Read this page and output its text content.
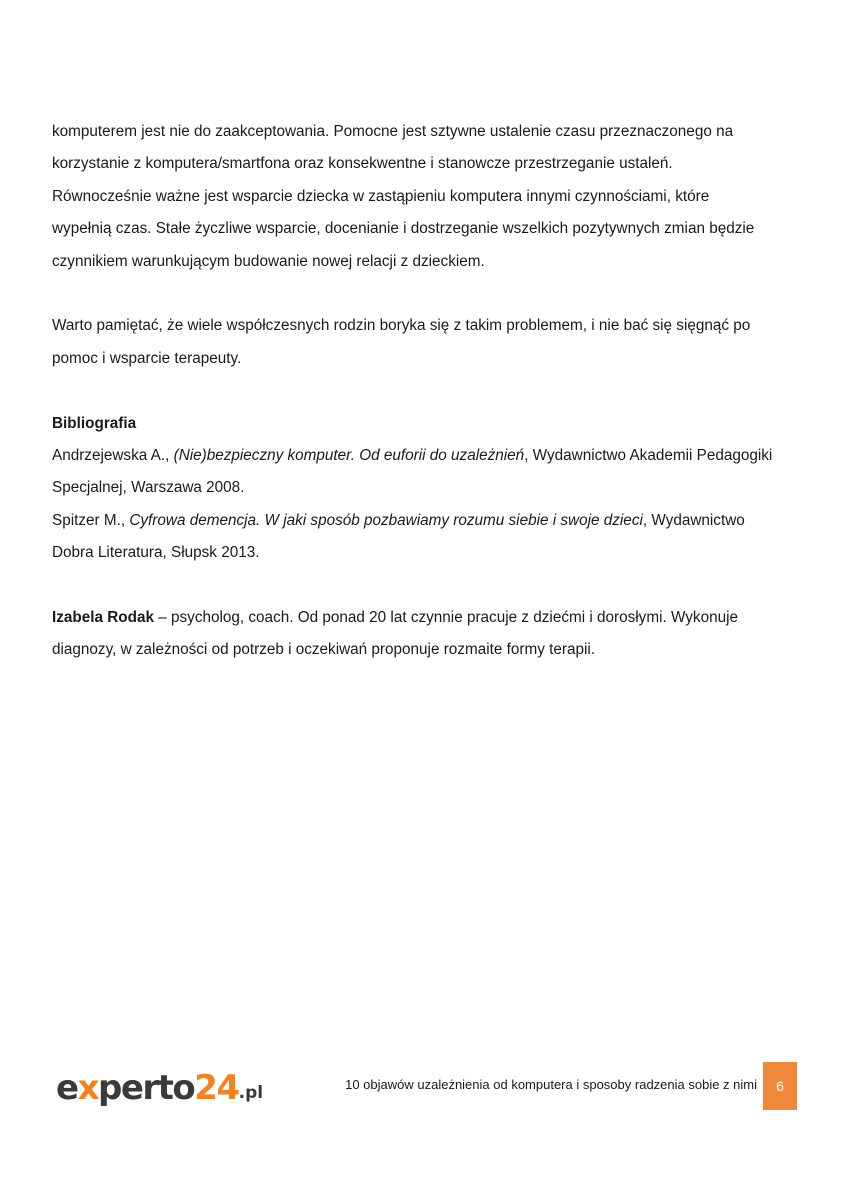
komputerem jest nie do zaakceptowania. Pomocne jest sztywne ustalenie czasu przeznaczonego na
korzystanie z komputera/smartfona oraz konsekwentne i stanowcze przestrzeganie ustaleń.
Równocześnie ważne jest wsparcie dziecka w zastąpieniu komputera innymi czynnościami, które
wypełnią czas. Stałe życzliwe wsparcie, docenianie i dostrzeganie wszelkich pozytywnych zmian będzie
czynnikiem warunkującym budowanie nowej relacji z dzieckiem.

Warto pamiętać, że wiele współczesnych rodzin boryka się z takim problemem, i nie bać się sięgnąć po
pomoc i wsparcie terapeuty.

Bibliografia
Andrzejewska A., (Nie)bezpieczny komputer. Od euforii do uzależnień, Wydawnictwo Akademii Pedagogiki
Specjalnej, Warszawa 2008.
Spitzer M., Cyfrowa demencja. W jaki sposób pozbawiamy rozumu siebie i swoje dzieci, Wydawnictwo
Dobra Literatura, Słupsk 2013.

Izabela Rodak – psycholog, coach. Od ponad 20 lat czynnie pracuje z dziećmi i dorosłymi. Wykonuje
diagnozy, w zależności od potrzeb i oczekiwań proponuje rozmaite formy terapii.

e x perto 24 .pl	10 objawów uzależnienia od komputera i sposoby radzenia sobie z nimi 6
